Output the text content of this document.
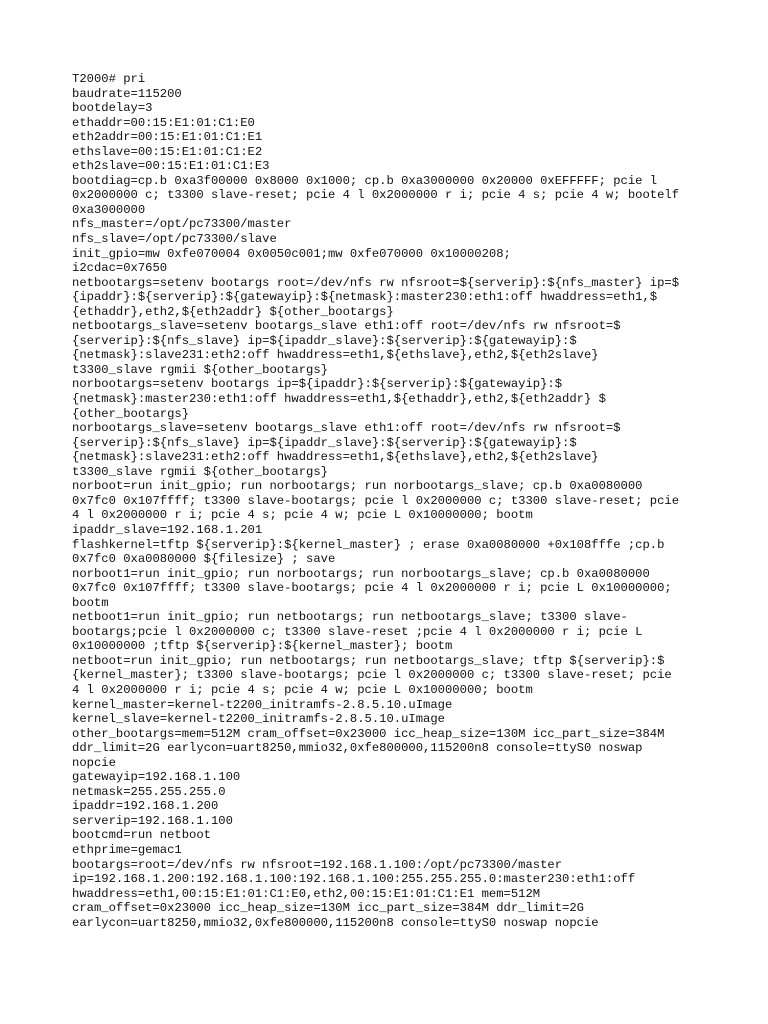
T2000# pri
baudrate=115200
bootdelay=3
ethaddr=00:15:E1:01:C1:E0
eth2addr=00:15:E1:01:C1:E1
ethslave=00:15:E1:01:C1:E2
eth2slave=00:15:E1:01:C1:E3
bootdiag=cp.b 0xa3f00000 0x8000 0x1000; cp.b 0xa3000000 0x20000 0xEFFFFF; pcie l
0x2000000 c; t3300 slave-reset; pcie 4 l 0x2000000 r i; pcie 4 s; pcie 4 w; bootelf
0xa3000000
nfs_master=/opt/pc73300/master
nfs_slave=/opt/pc73300/slave
init_gpio=mw 0xfe070004 0x0050c001;mw 0xfe070000 0x10000208;
i2cdac=0x7650
netbootargs=setenv bootargs root=/dev/nfs rw nfsroot=${serverip}:${nfs_master} ip=$
{ipaddr}:${serverip}:${gatewayip}:${netmask}:master230:eth1:off hwaddress=eth1,$
{ethaddr},eth2,${eth2addr} ${other_bootargs}
netbootargs_slave=setenv bootargs_slave eth1:off root=/dev/nfs rw nfsroot=$
{serverip}:${nfs_slave} ip=${ipaddr_slave}:${serverip}:${gatewayip}:$
{netmask}:slave231:eth2:off hwaddress=eth1,${ethslave},eth2,${eth2slave}
t3300_slave rgmii ${other_bootargs}
norbootargs=setenv bootargs ip=${ipaddr}:${serverip}:${gatewayip}:$
{netmask}:master230:eth1:off hwaddress=eth1,${ethaddr},eth2,${eth2addr} $
{other_bootargs}
norbootargs_slave=setenv bootargs_slave eth1:off root=/dev/nfs rw nfsroot=$
{serverip}:${nfs_slave} ip=${ipaddr_slave}:${serverip}:${gatewayip}:$
{netmask}:slave231:eth2:off hwaddress=eth1,${ethslave},eth2,${eth2slave}
t3300_slave rgmii ${other_bootargs}
norboot=run init_gpio; run norbootargs; run norbootargs_slave; cp.b 0xa0080000
0x7fc0 0x107ffff; t3300 slave-bootargs; pcie l 0x2000000 c; t3300 slave-reset; pcie
4 l 0x2000000 r i; pcie 4 s; pcie 4 w; pcie L 0x10000000; bootm
ipaddr_slave=192.168.1.201
flashkernel=tftp ${serverip}:${kernel_master} ; erase 0xa0080000 +0x108fffe ;cp.b
0x7fc0 0xa0080000 ${filesize} ; save
norboot1=run init_gpio; run norbootargs; run norbootargs_slave; cp.b 0xa0080000
0x7fc0 0x107ffff; t3300 slave-bootargs; pcie 4 l 0x2000000 r i; pcie L 0x10000000;
bootm
netboot1=run init_gpio; run netbootargs; run netbootargs_slave; t3300 slave-
bootargs;pcie l 0x2000000 c; t3300 slave-reset ;pcie 4 l 0x2000000 r i; pcie L
0x10000000 ;tftp ${serverip}:${kernel_master}; bootm
netboot=run init_gpio; run netbootargs; run netbootargs_slave; tftp ${serverip}:$
{kernel_master}; t3300 slave-bootargs; pcie l 0x2000000 c; t3300 slave-reset; pcie
4 l 0x2000000 r i; pcie 4 s; pcie 4 w; pcie L 0x10000000; bootm
kernel_master=kernel-t2200_initramfs-2.8.5.10.uImage
kernel_slave=kernel-t2200_initramfs-2.8.5.10.uImage
other_bootargs=mem=512M cram_offset=0x23000 icc_heap_size=130M icc_part_size=384M
ddr_limit=2G earlycon=uart8250,mmio32,0xfe800000,115200n8 console=ttyS0 noswap
nopcie
gatewayip=192.168.1.100
netmask=255.255.255.0
ipaddr=192.168.1.200
serverip=192.168.1.100
bootcmd=run netboot
ethprime=gemac1
bootargs=root=/dev/nfs rw nfsroot=192.168.1.100:/opt/pc73300/master
ip=192.168.1.200:192.168.1.100:192.168.1.100:255.255.255.0:master230:eth1:off
hwaddress=eth1,00:15:E1:01:C1:E0,eth2,00:15:E1:01:C1:E1 mem=512M
cram_offset=0x23000 icc_heap_size=130M icc_part_size=384M ddr_limit=2G
earlycon=uart8250,mmio32,0xfe800000,115200n8 console=ttyS0 noswap nopcie
